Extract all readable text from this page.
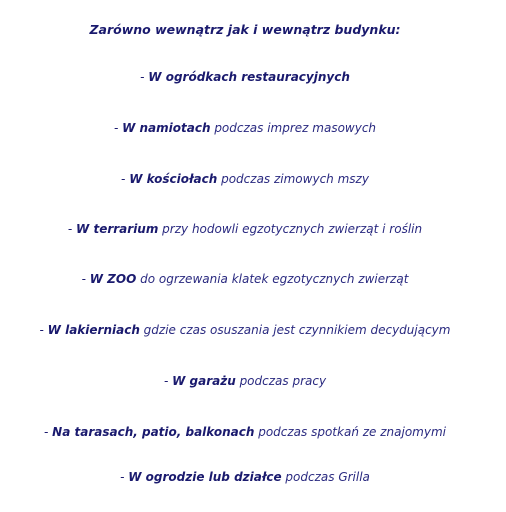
Zarówno wewnątrz jak i wewnątrz budynku:
- W ogródkach restauracyjnych
- W namiotach podczas imprez masowych
- W kościołach podczas zimowych mszy
- W terrarium przy hodowli egzotycznych zwierząt i roślin
- W ZOO do ogrzewania klatek egzotycznych zwierząt
- W lakierniach gdzie czas osuszania jest czynnikiem decydującym
- W garażu podczas pracy
- Na tarasach, patio, balkonach podczas spotkań ze znajomymi
- W ogrodzie lub działce podczas Grilla
